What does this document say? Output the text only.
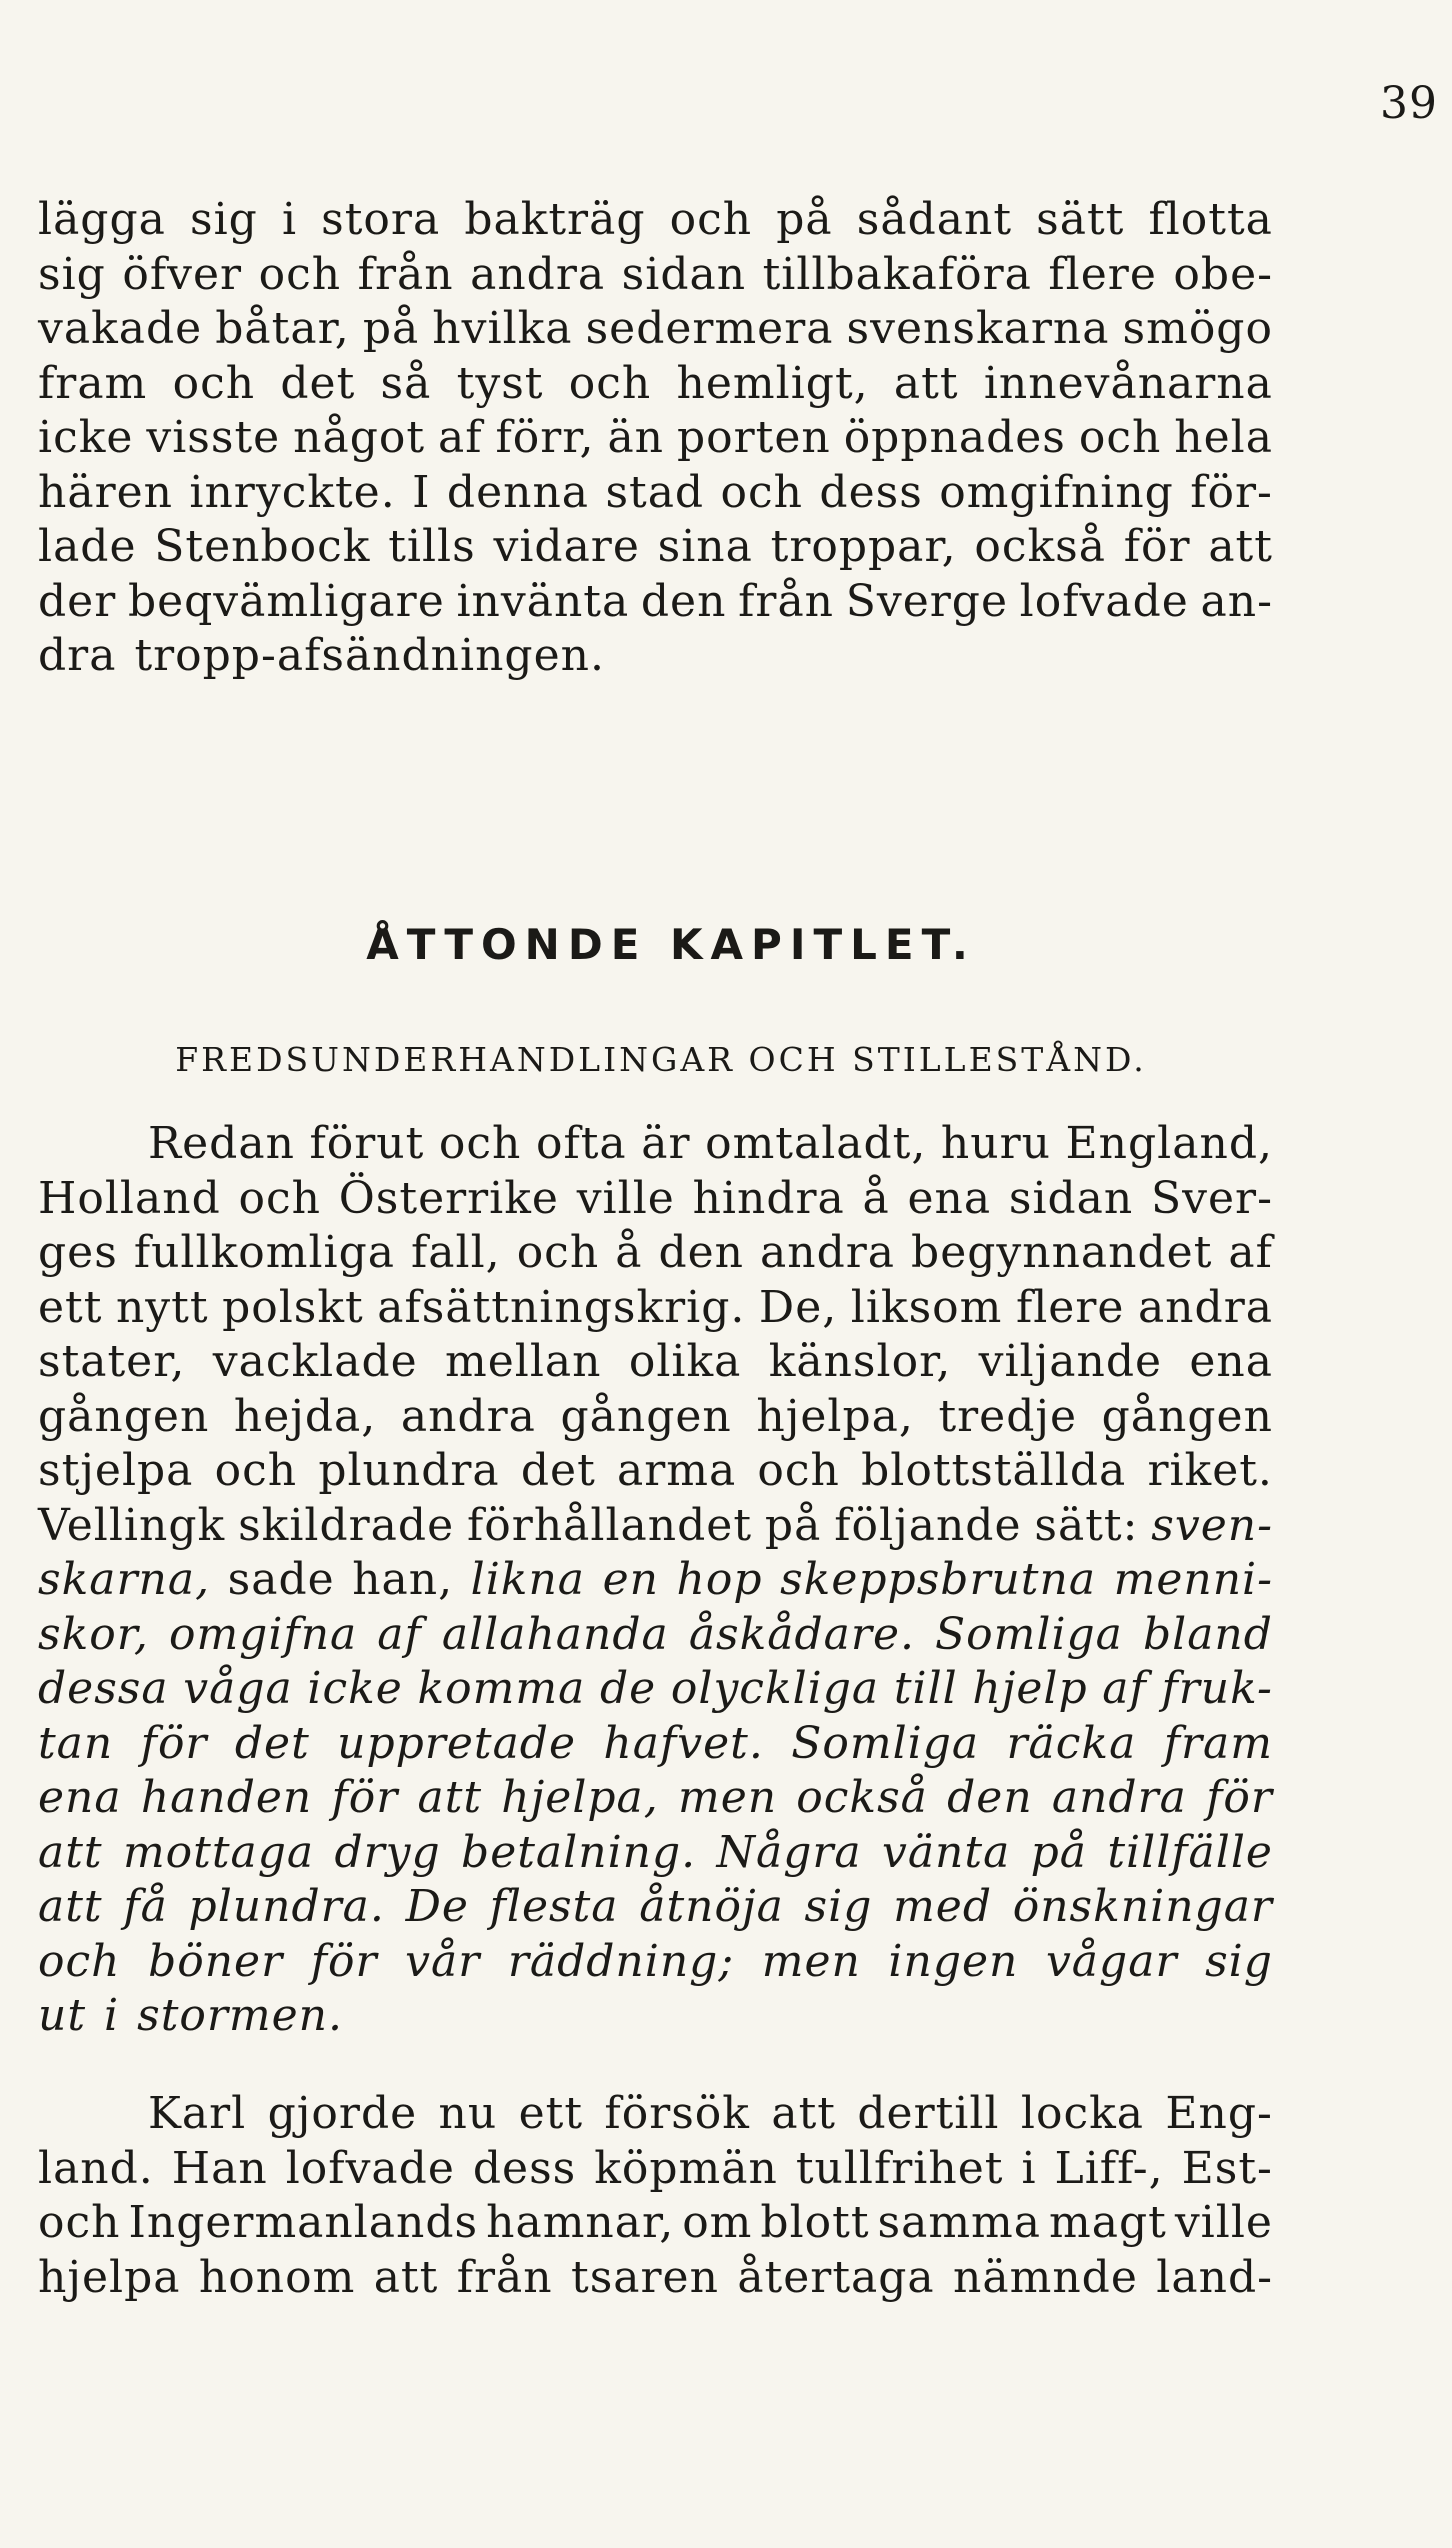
39
lägga sig i stora bakträg och på sådant sätt flotta
sig öfver och från andra sidan tillbakaföra flere obe-
vakade båtar, på hvilka sedermera svenskarna smögo
fram och det så tyst och hemligt, att innevånarna
icke visste något af förr, än porten öppnades och hela
hären inryckte. I denna stad och dess omgifning för-
lade Stenbock tills vidare sina troppar, också för att
der beqvämligare invänta den från Sverge lofvade an-
dra tropp-afsändningen.
ÅTTONDE KAPITLET.
FREDSUNDERHANDLINGAR OCH STILLESTÅND.
Redan förut och ofta är omtaladt, huru England,
Holland och Österrike ville hindra å ena sidan Sver-
ges fullkomliga fall, och å den andra begynnandet af
ett nytt polskt afsättningskrig. De, liksom flere andra
stater, vacklade mellan olika känslor, viljande ena
gången hejda, andra gången hjelpa, tredje gången
stjelpa och plundra det arma och blottställda riket.
Vellingk skildrade förhållandet på följande sätt: sven-
skarna, sade han, likna en hop skeppsbrutna menni-
skor, omgifna af allahanda åskådare. Somliga bland
dessa våga icke komma de olyckliga till hjelp af fruk-
tan för det uppretade hafvet. Somliga räcka fram
ena handen för att hjelpa, men också den andra för
att mottaga dryg betalning. Några vänta på tillfälle
att få plundra. De flesta åtnöja sig med önskningar
och böner för vår räddning; men ingen vågar sig
ut i stormen.
Karl gjorde nu ett försök att dertill locka Eng-
land. Han lofvade dess köpmän tullfrihet i Liff-, Est-
och Ingermanlands hamnar, om blott samma magt ville
hjelpa honom att från tsaren återtaga nämnde land-
